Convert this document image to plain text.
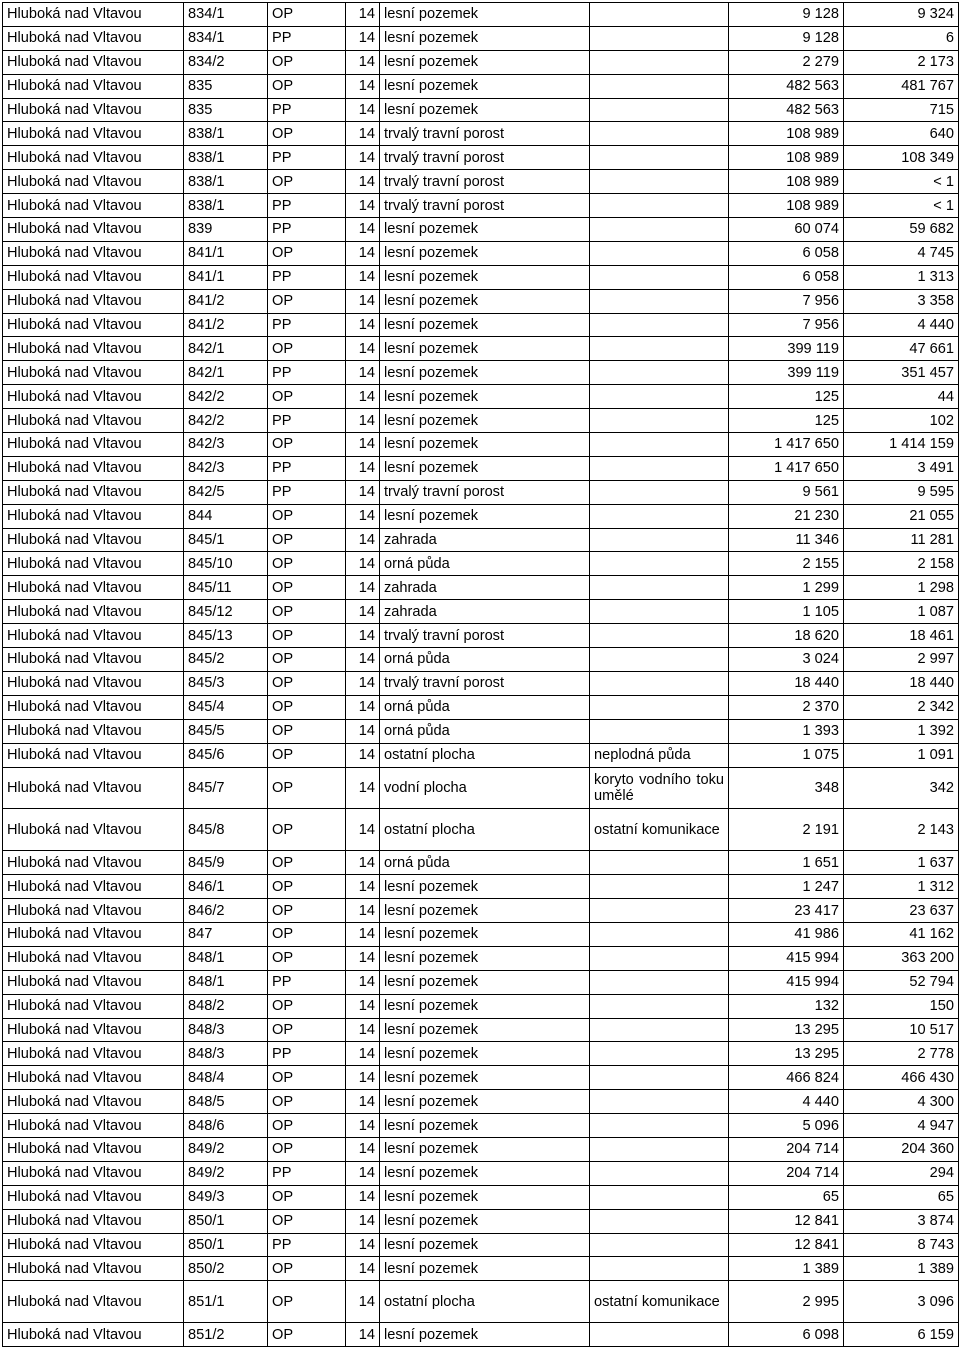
Hluboká nad Vltavou	834/1	OP	14	lesní pozemek		9 128	9 324
Hluboká nad Vltavou	834/1	PP	14	lesní pozemek		9 128	6
Hluboká nad Vltavou	834/2	OP	14	lesní pozemek		2 279	2 173
Hluboká nad Vltavou	835	OP	14	lesní pozemek		482 563	481 767
Hluboká nad Vltavou	835	PP	14	lesní pozemek		482 563	715
Hluboká nad Vltavou	838/1	OP	14	trvalý travní porost		108 989	640
Hluboká nad Vltavou	838/1	PP	14	trvalý travní porost		108 989	108 349
Hluboká nad Vltavou	838/1	OP	14	trvalý travní porost		108 989	< 1
Hluboká nad Vltavou	838/1	PP	14	trvalý travní porost		108 989	< 1
Hluboká nad Vltavou	839	PP	14	lesní pozemek		60 074	59 682
Hluboká nad Vltavou	841/1	OP	14	lesní pozemek		6 058	4 745
Hluboká nad Vltavou	841/1	PP	14	lesní pozemek		6 058	1 313
Hluboká nad Vltavou	841/2	OP	14	lesní pozemek		7 956	3 358
Hluboká nad Vltavou	841/2	PP	14	lesní pozemek		7 956	4 440
Hluboká nad Vltavou	842/1	OP	14	lesní pozemek		399 119	47 661
Hluboká nad Vltavou	842/1	PP	14	lesní pozemek		399 119	351 457
Hluboká nad Vltavou	842/2	OP	14	lesní pozemek		125	44
Hluboká nad Vltavou	842/2	PP	14	lesní pozemek		125	102
Hluboká nad Vltavou	842/3	OP	14	lesní pozemek		1 417 650	1 414 159
Hluboká nad Vltavou	842/3	PP	14	lesní pozemek		1 417 650	3 491
Hluboká nad Vltavou	842/5	PP	14	trvalý travní porost		9 561	9 595
Hluboká nad Vltavou	844	OP	14	lesní pozemek		21 230	21 055
Hluboká nad Vltavou	845/1	OP	14	zahrada		11 346	11 281
Hluboká nad Vltavou	845/10	OP	14	orná půda		2 155	2 158
Hluboká nad Vltavou	845/11	OP	14	zahrada		1 299	1 298
Hluboká nad Vltavou	845/12	OP	14	zahrada		1 105	1 087
Hluboká nad Vltavou	845/13	OP	14	trvalý travní porost		18 620	18 461
Hluboká nad Vltavou	845/2	OP	14	orná půda		3 024	2 997
Hluboká nad Vltavou	845/3	OP	14	trvalý travní porost		18 440	18 440
Hluboká nad Vltavou	845/4	OP	14	orná půda		2 370	2 342
Hluboká nad Vltavou	845/5	OP	14	orná půda		1 393	1 392
Hluboká nad Vltavou	845/6	OP	14	ostatní plocha	neplodná půda	1 075	1 091
Hluboká nad Vltavou	845/7	OP	14	vodní plocha	koryto vodního toku umělé	348	342
Hluboká nad Vltavou	845/8	OP	14	ostatní plocha	ostatní komunikace	2 191	2 143
Hluboká nad Vltavou	845/9	OP	14	orná půda		1 651	1 637
Hluboká nad Vltavou	846/1	OP	14	lesní pozemek		1 247	1 312
Hluboká nad Vltavou	846/2	OP	14	lesní pozemek		23 417	23 637
Hluboká nad Vltavou	847	OP	14	lesní pozemek		41 986	41 162
Hluboká nad Vltavou	848/1	OP	14	lesní pozemek		415 994	363 200
Hluboká nad Vltavou	848/1	PP	14	lesní pozemek		415 994	52 794
Hluboká nad Vltavou	848/2	OP	14	lesní pozemek		132	150
Hluboká nad Vltavou	848/3	OP	14	lesní pozemek		13 295	10 517
Hluboká nad Vltavou	848/3	PP	14	lesní pozemek		13 295	2 778
Hluboká nad Vltavou	848/4	OP	14	lesní pozemek		466 824	466 430
Hluboká nad Vltavou	848/5	OP	14	lesní pozemek		4 440	4 300
Hluboká nad Vltavou	848/6	OP	14	lesní pozemek		5 096	4 947
Hluboká nad Vltavou	849/2	OP	14	lesní pozemek		204 714	204 360
Hluboká nad Vltavou	849/2	PP	14	lesní pozemek		204 714	294
Hluboká nad Vltavou	849/3	OP	14	lesní pozemek		65	65
Hluboká nad Vltavou	850/1	OP	14	lesní pozemek		12 841	3 874
Hluboká nad Vltavou	850/1	PP	14	lesní pozemek		12 841	8 743
Hluboká nad Vltavou	850/2	OP	14	lesní pozemek		1 389	1 389
Hluboká nad Vltavou	851/1	OP	14	ostatní plocha	ostatní komunikace	2 995	3 096
Hluboká nad Vltavou	851/2	OP	14	lesní pozemek		6 098	6 159
